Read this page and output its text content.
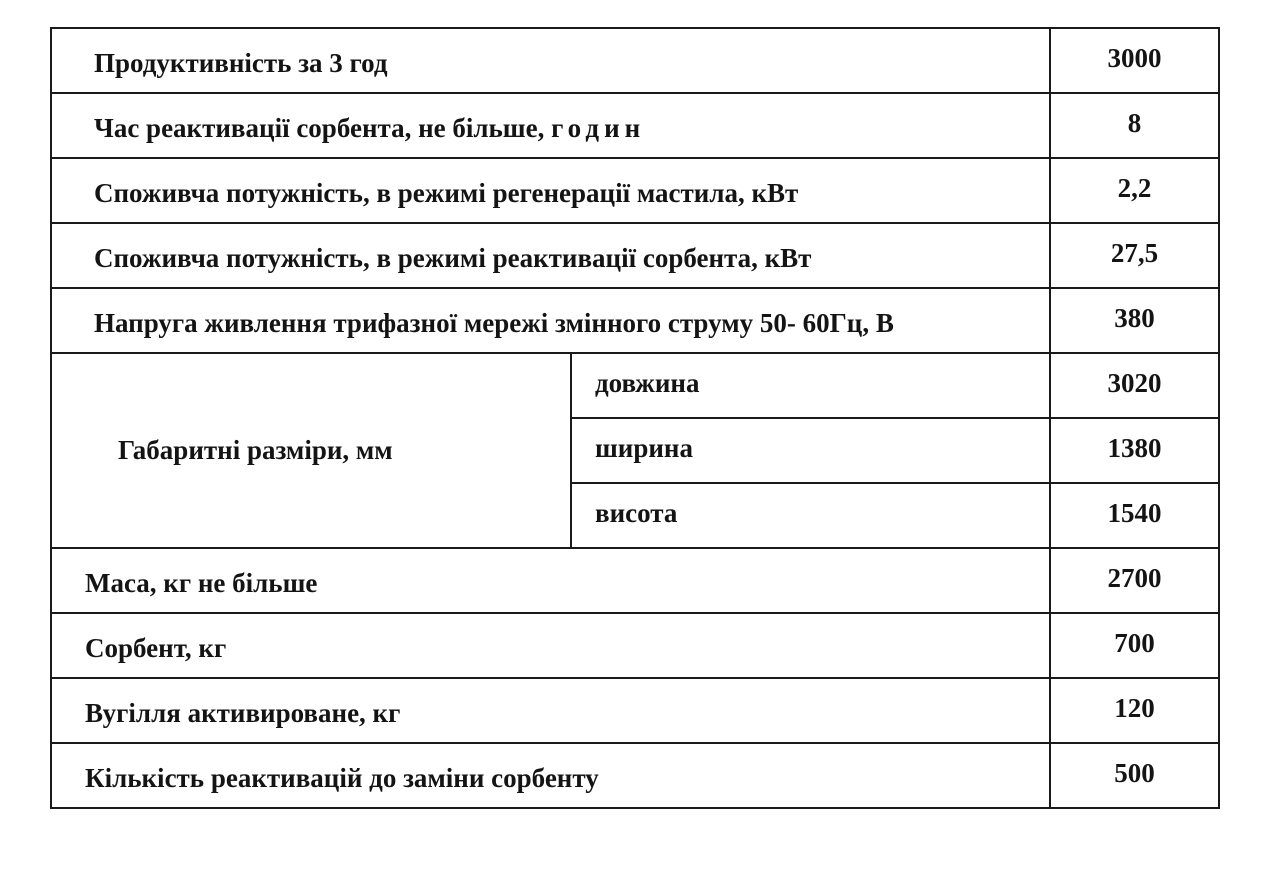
Продуктивність за 3 год		3000
Час реактивації сорбента, не більше, годин		8
Споживча потужність, в режимі регенерації мастила, кВт		2,2
Споживча потужність, в режимі реактивації сорбента, кВт		27,5
Напруга живлення трифазної мережі змінного струму 50- 60Гц, В		380
Габаритні разміри, мм	довжина	3020
	ширина	1380
	висота	1540
Маса, кг не більше		2700
Сорбент, кг		700
Вугілля активироване, кг		120
Кількість реактивацій до заміни сорбенту		500
